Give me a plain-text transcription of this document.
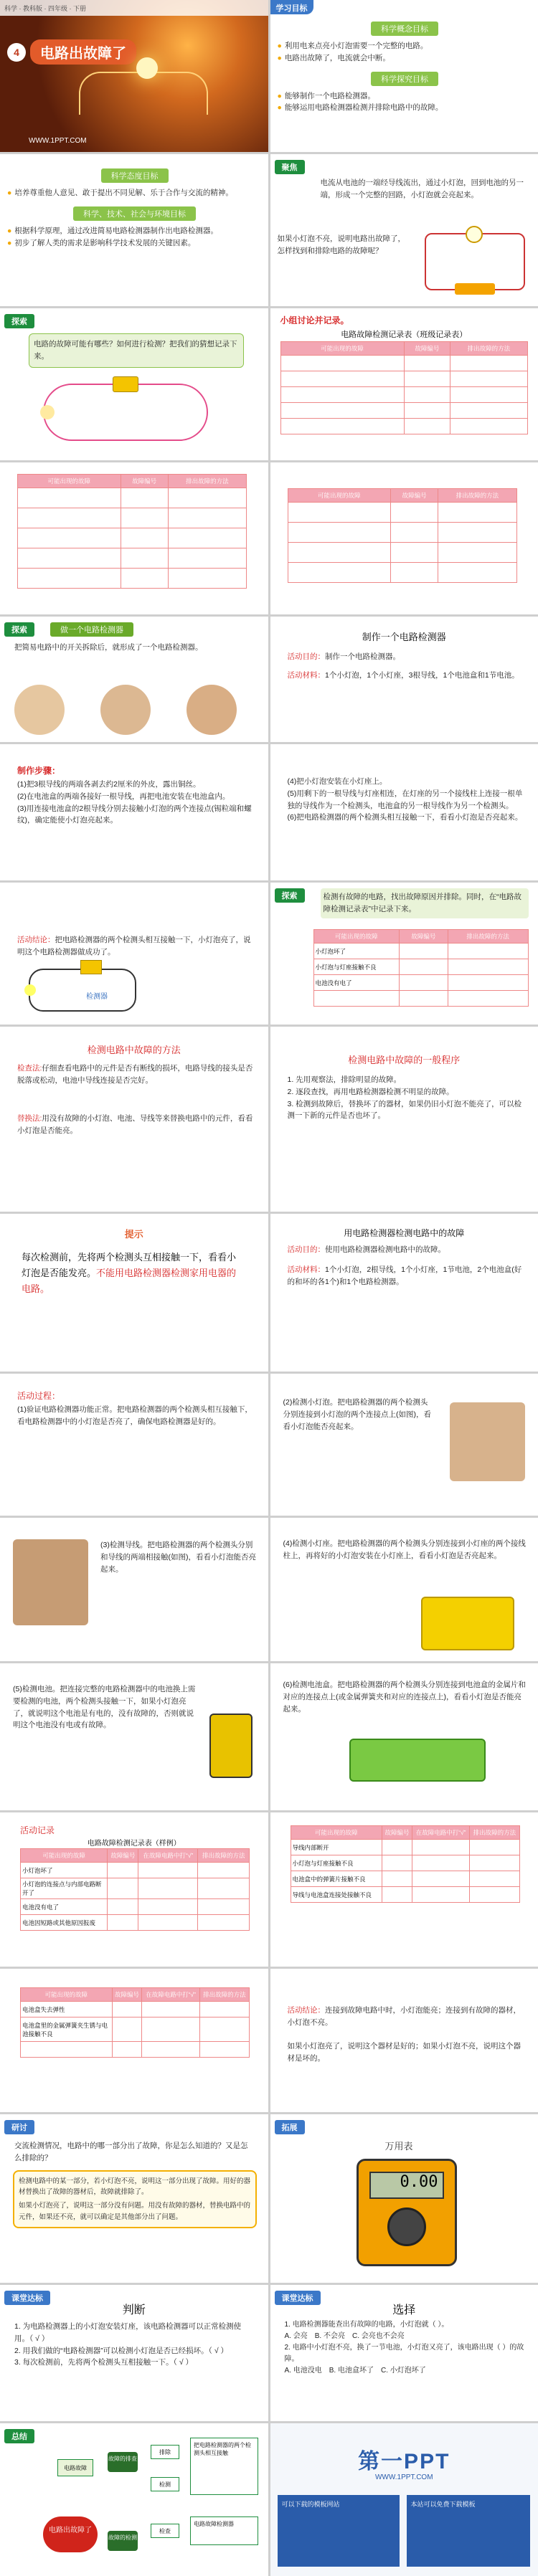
科学 · 教科版 · 四年级 · 下册
4	电路出故障了
WWW.1PPT.COM
学习目标
科学概念目标
● 利用电来点亮小灯泡需要一个完整的电路。
● 电路出故障了，电流就会中断。
科学探究目标
● 能够制作一个电路检测器。
● 能够运用电路检测器检测并排除电路中的故障。
科学态度目标
● 培养尊重他人意见、敢于提出不同见解、乐于合作与交流的精神。
科学、技术、社会与环境目标
● 根据科学原理，通过改进简易电路检测器制作出电路检测器。
● 初步了解人类的需求是影响科学技术发展的关键因素。
聚焦
电流从电池的一端经导线流出，通过小灯泡，回到电池的另一端，形成一个完整的回路，小灯泡就会亮起来。
如果小灯泡不亮，说明电路出故障了，怎样找到和排除电路的故障呢？
探索
电路的故障可能有哪些？如何进行检测？把我们的猜想记录下来。
小组讨论并记录。
电路故障检测记录表（班级记录表）
可能出现的故障	故障编号	排出故障的方法

可能出现的故障	故障编号	排出故障的方法

可能出现的故障	故障编号	排出故障的方法

探索	做一个电路检测器
把简易电路中的开关拆除后，就形成了一个电路检测器。
制作一个电路检测器
活动目的：制作一个电路检测器。
活动材料：1个小灯泡，1个小灯座，3根导线，1个电池盒和1节电池。
制作步骤：
(1)把3根导线的两端各剥去约2厘米的外皮，露出铜丝。
(2)在电池盒的两端各接好一根导线，再把电池安装在电池盒内。
(3)用连接电池盒的2根导线分别去接触小灯泡的两个连接点(锡粒端和螺纹)，确定能使小灯泡亮起来。
(4)把小灯泡安装在小灯座上。
(5)用剩下的一根导线与灯座相连，在灯座的另一个接线柱上连接一根单独的导线作为一个检测头，电池盒的另一根导线作为另一个检测头。
(6)把电路检测器的两个检测头相互接触一下，看看小灯泡是否亮起来。
活动结论：把电路检测器的两个检测头相互接触一下，小灯泡亮了，说明这个电路检测器做成功了。
检测器
探索	检测有故障的电路，找出故障原因并排除。同时，在“电路故障检测记录表”中记录下来。
可能出现的故障	故障编号	排出故障的方法
小灯泡坏了		
小灯泡与灯座接触不良		
电池没有电了		

检测电路中故障的方法
检查法:仔细查看电路中的元件是否有断线的损坏，电路导线的接头是否脱落或松动，电池中导线连接是否完好。
替换法:用没有故障的小灯泡、电池、导线等来替换电路中的元件，看看小灯泡是否能亮。
检测电路中故障的一般程序
1. 先用观察法，排除明显的故障。
2. 逐段查找，再用电路检测器检测不明显的故障。
3. 检测到故障后，替换坏了的器材，如果仍旧小灯泡不能亮了，可以检测一下新的元件是否也坏了。
提示
每次检测前，先将两个检测头互相接触一下，看看小灯泡是否能发亮。不能用电路检测器检测家用电器的电路。
用电路检测器检测电路中的故障
活动目的：使用电路检测器检测电路中的故障。
活动材料：1个小灯泡，2根导线，1个小灯座，1节电池，2个电池盒(好的和坏的各1个)和1个电路检测器。
活动过程：
(1)验证电路检测器功能正常。把电路检测器的两个检测头相互接触下，看电路检测器中的小灯泡是否亮了，确保电路检测器是好的。
(2)检测小灯泡。把电路检测器的两个检测头分别连接到小灯泡的两个连接点上(如图)，看看小灯泡能否亮起来。
(3)检测导线。把电路检测器的两个检测头分别和导线的两端相接触(如图)，看看小灯泡能否亮起来。
(4)检测小灯座。把电路检测器的两个检测头分别连接到小灯座的两个接线柱上，再将好的小灯泡安装在小灯座上，看看小灯泡是否亮起来。
(5)检测电池。把连接完整的电路检测器中的电池换上需要检测的电池，两个检测头接触一下，如果小灯泡亮了，就说明这个电池是有电的，没有故障的，否则就说明这个电池没有电或有故障。
(6)检测电池盒。把电路检测器的两个检测头分别连接到电池盒的金属片和对应的连接点上(或金属弹簧夹和对应的连接点上)，看看小灯泡是否能亮起来。
活动记录
电路故障检测记录表（样例）
可能出现的故障	故障编号	在故障电路中打“√”	排出故障的方法
小灯泡坏了			
小灯泡的连接点与内部电路断开了			
电池没有电了			
电池因短路或其他原因报废			
可能出现的故障	故障编号	在故障电路中打“√”	排出故障的方法
导线内部断开			
小灯泡与灯座接触不良			
电池盒中的弹簧片接触不良			
导线与电池盒连接处接触不良			
可能出现的故障	故障编号	在故障电路中打“√”	排出故障的方法
电池盒失去弹性			
电池盒里的金属弹簧夹生锈与电池接触不良			

活动结论：连接到故障电路中时，小灯泡能亮；连接到有故障的器材，小灯泡不亮。
如果小灯泡亮了，说明这个器材是好的；如果小灯泡不亮，说明这个器材是坏的。
研讨
交流检测情况，电路中的哪一部分出了故障，你是怎么知道的？又是怎么排除的？
检测电路中的某一部分，若小灯泡不亮，说明这一部分出现了故障。用好的器材替换出了故障的器材后，故障就排除了。
如果小灯泡亮了，说明这一部分没有问题。用没有故障的器材，替换电路中的元件，如果还不亮，就可以确定是其他部分出了问题。
拓展
万用表
0.00
课堂达标
判断
1. 为电路检测器上的小灯泡安装灯座，该电路检测器可以正常检测使用。（ √ ）
2. 用我们做的“电路检测器”可以检测小灯泡是否已经损坏。（ √ ）
3. 每次检测前，先将两个检测头互相接触一下。（ √ ）
课堂达标
选择
1. 电路检测器能查出有故障的电路，小灯泡就（ ）。
A. 会亮　 B. 不会亮　 C. 会亮也不会亮
2. 电路中小灯泡不亮，换了一节电池，小灯泡又亮了，该电路出现（ ）的故障。
A. 电池没电　 B. 电池盒坏了　 C. 小灯泡坏了
总结
电路出故障了
故障的排查
故障的检测
电路故障
排除
检测
把电路检测器的两个检测头相互接触
检查
电路故障检测器
第一PPT
WWW.1PPT.COM
可以下载的模板网站	本站可以免费下载模板
